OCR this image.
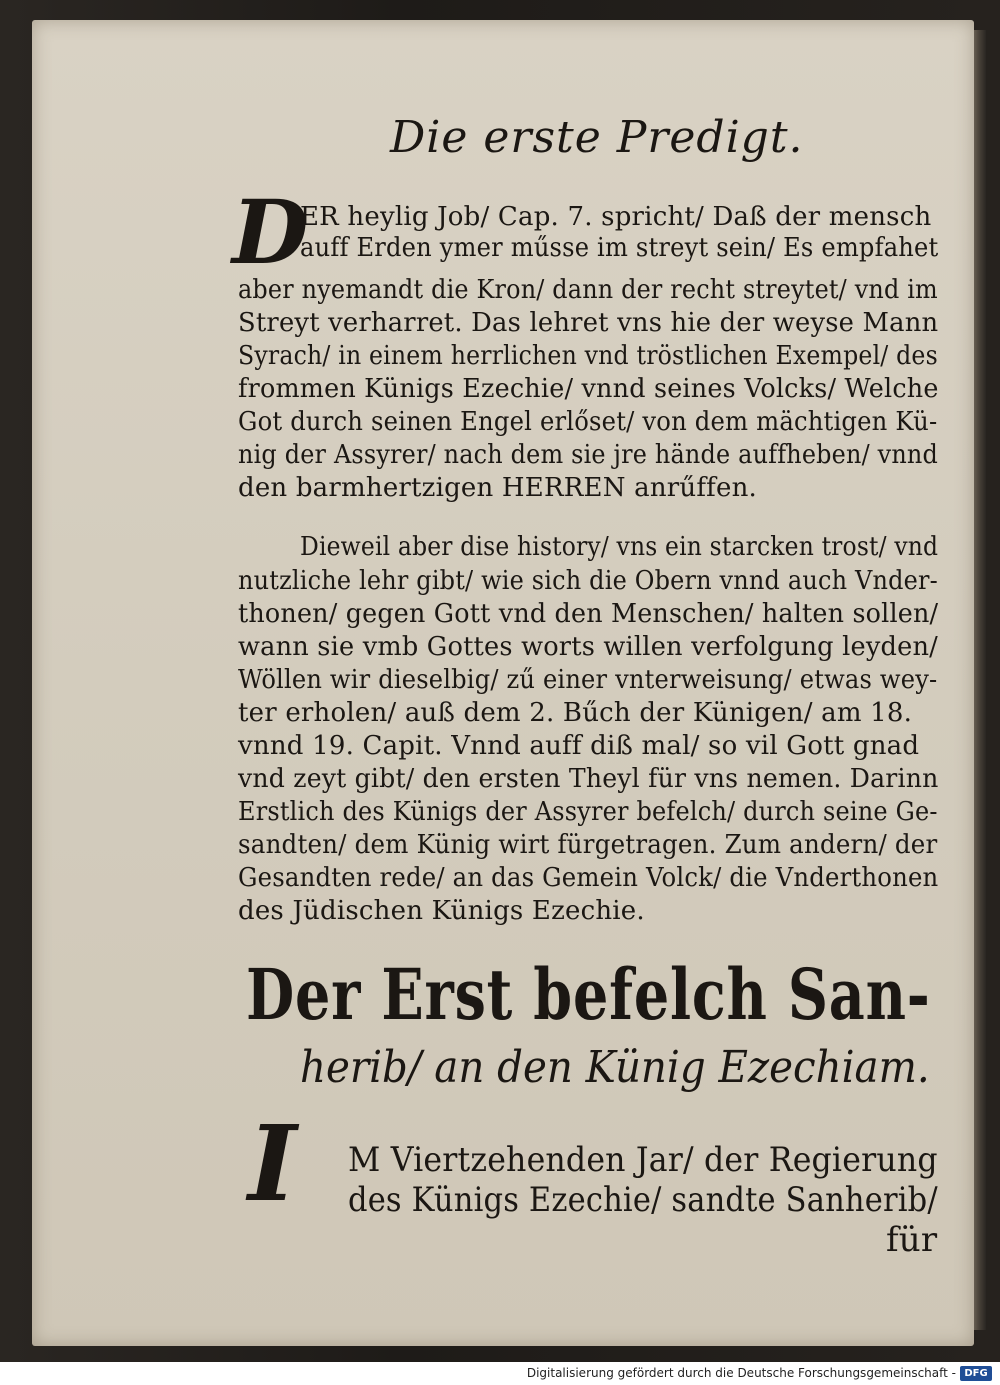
Die erste Predigt.
D
ER heylig Job/ Cap. 7. spricht/ Daß der mensch
auff Erden ymer műsse im streyt sein/ Es empfahet
aber nyemandt die Kron/ dann der recht streytet/ vnd im
Streyt verharret. Das lehret vns hie der weyse Mann
Syrach/ in einem herrlichen vnd tröstlichen Exempel/ des
frommen Künigs Ezechie/ vnnd seines Volcks/ Welche
Got durch seinen Engel erlőset/ von dem mächtigen Kü-
nig der Assyrer/ nach dem sie jre hände auffheben/ vnnd
den barmhertzigen HERREN anrűffen.
Dieweil aber dise history/ vns ein starcken trost/ vnd
nutzliche lehr gibt/ wie sich die Obern vnnd auch Vnder-
thonen/ gegen Gott vnd den Menschen/ halten sollen/
wann sie vmb Gottes worts willen verfolgung leyden/
Wöllen wir dieselbig/ zű einer vnterweisung/ etwas wey-
ter erholen/ auß dem 2. Bűch der Künigen/ am 18.
vnnd 19. Capit. Vnnd auff diß mal/ so vil Gott gnad
vnd zeyt gibt/ den ersten Theyl für vns nemen. Darinn
Erstlich des Künigs der Assyrer befelch/ durch seine Ge-
sandten/ dem Künig wirt fürgetragen. Zum andern/ der
Gesandten rede/ an das Gemein Volck/ die Vnderthonen
des Jüdischen Künigs Ezechie.
Der Erst befelch San-
herib/ an den Künig Ezechiam.
I M Viertzehenden Jar/ der Regierung
des Künigs Ezechie/ sandte Sanherib/
für
Digitalisierung gefördert durch die Deutsche Forschungsgemeinschaft - DFG
